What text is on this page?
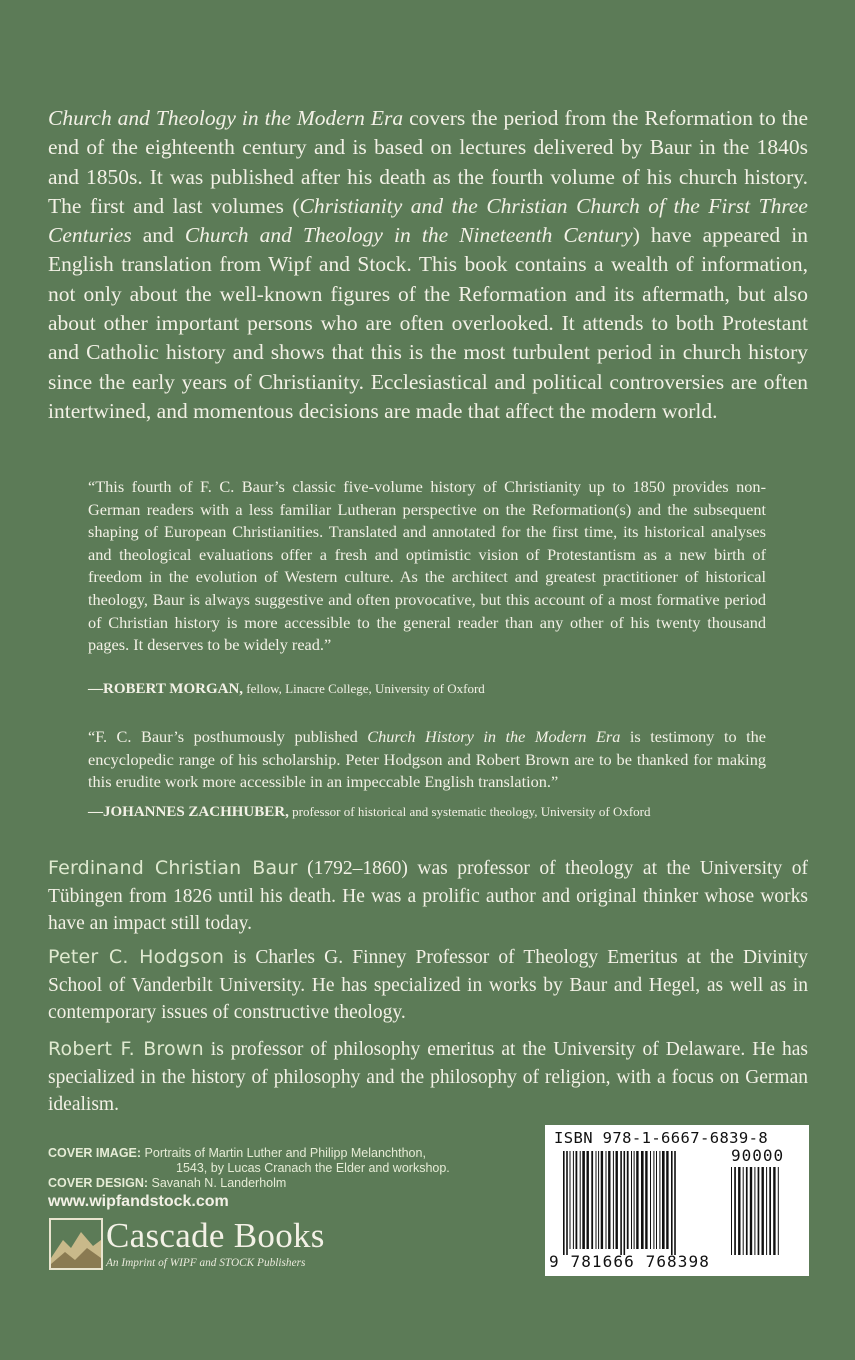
Church and Theology in the Modern Era covers the period from the Reformation to the end of the eighteenth century and is based on lectures delivered by Baur in the 1840s and 1850s. It was published after his death as the fourth volume of his church history. The first and last volumes (Christianity and the Christian Church of the First Three Centuries and Church and Theology in the Nineteenth Century) have appeared in English translation from Wipf and Stock. This book contains a wealth of information, not only about the well-known figures of the Reformation and its aftermath, but also about other important persons who are often overlooked. It attends to both Protestant and Catholic history and shows that this is the most turbulent period in church history since the early years of Christianity. Ecclesiastical and political controversies are often intertwined, and momentous decisions are made that affect the modern world.

“This fourth of F. C. Baur’s classic five-volume history of Christianity up to 1850 provides non-German readers with a less familiar Lutheran perspective on the Reformation(s) and the subsequent shaping of European Christianities. Translated and annotated for the first time, its historical analyses and theological evaluations offer a fresh and optimistic vision of Protestantism as a new birth of freedom in the evolution of Western culture. As the architect and greatest practitioner of historical theology, Baur is always suggestive and often provocative, but this account of a most formative period of Christian history is more accessible to the general reader than any other of his twenty thousand pages. It deserves to be widely read.”

—ROBERT MORGAN, fellow, Linacre College, University of Oxford

“F. C. Baur’s posthumously published Church History in the Modern Era is testimony to the encyclopedic range of his scholarship. Peter Hodgson and Robert Brown are to be thanked for making this erudite work more accessible in an impeccable English translation.”

—JOHANNES ZACHHUBER, professor of historical and systematic theology, University of Oxford

Ferdinand Christian Baur (1792–1860) was professor of theology at the University of Tübingen from 1826 until his death. He was a prolific author and original thinker whose works have an impact still today.

Peter C. Hodgson is Charles G. Finney Professor of Theology Emeritus at the Divinity School of Vanderbilt University. He has specialized in works by Baur and Hegel, as well as in contemporary issues of constructive theology.

Robert F. Brown is professor of philosophy emeritus at the University of Delaware. He has specialized in the history of philosophy and the philosophy of religion, with a focus on German idealism.

COVER IMAGE: Portraits of Martin Luther and Philipp Melanchthon,
1543, by Lucas Cranach the Elder and workshop.
COVER DESIGN: Savanah N. Landerholm
www.wipfandstock.com
Cascade Books
An Imprint of WIPF and STOCK Publishers
ISBN 978-1-6667-6839-8
90000
9 781666 768398
